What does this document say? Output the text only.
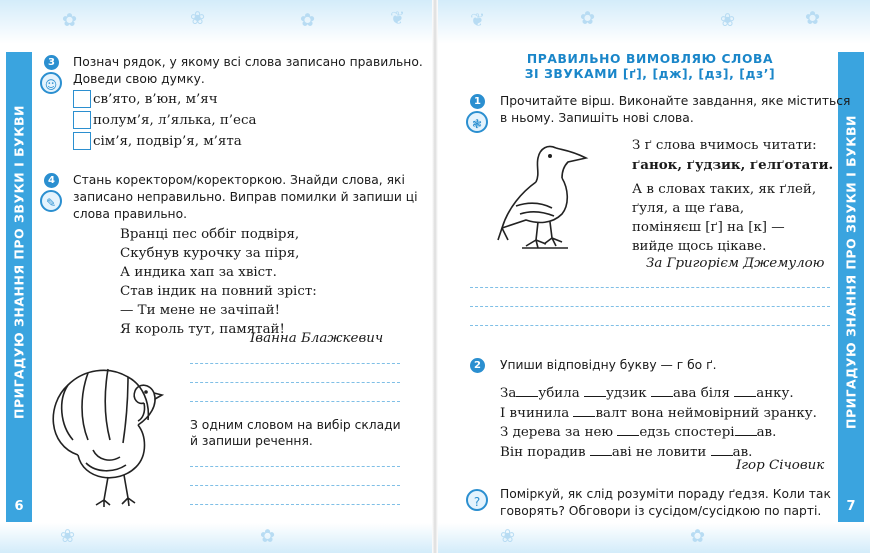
✿	❀	✿	❦	❦	✿	❀	✿
❀	✿	❀	✿
ПРИГАДУЮ ЗНАННЯ ПРО ЗВУКИ І БУКВИ
6
ПРИГАДУЮ ЗНАННЯ ПРО ЗВУКИ І БУКВИ
7
3
☺
Познач рядок, у якому всі слова записано правильно.
Доведи свою думку.
св’ято, в’юн, м’яч
полум’я, л’ялька, п’еса
сім’я, подвір’я, м’ята
4
✎
Стань коректором/коректоркою. Знайди слова, які
записано неправильно. Виправ помилки й запиши ці
слова правильно.
Вранці пес оббіг подвіря,
Скубнув курочку за піря,
А индика хап за хвіст.
Став індик на повний зріст:
— Ти мене не зачіпай!
Я король тут, памятай!
Іванна Блажкевич
З одним словом на вибір склади
й запиши речення.
ПРАВИЛЬНО ВИМОВЛЯЮ СЛОВА
ЗІ ЗВУКАМИ [ґ], [дж], [дз], [дз’]
1
❃
Прочитайте вірш. Виконайте завдання, яке міститься
в ньому. Запишіть нові слова.
З ґ слова вчимось читати:
ґанок, ґудзик, ґелґотати.
А в словах таких, як ґлей,
ґуля, а ще ґава,
поміняєш [ґ] на [к] —
вийде щось цікаве.
За Григорієм Джемулою
2	Упиши відповідну букву — г бо ґ.
За убила удзик ава біля анку.
І вчинила валт вона неймовірний зранку.
З дерева за нею едзь спостері ав.
Він порадив аві не ловити ав.
Ігор Січовик
?
Поміркуй, як слід розуміти пораду ґедзя. Коли так
говорять? Обговори із сусідом/сусідкою по парті.
